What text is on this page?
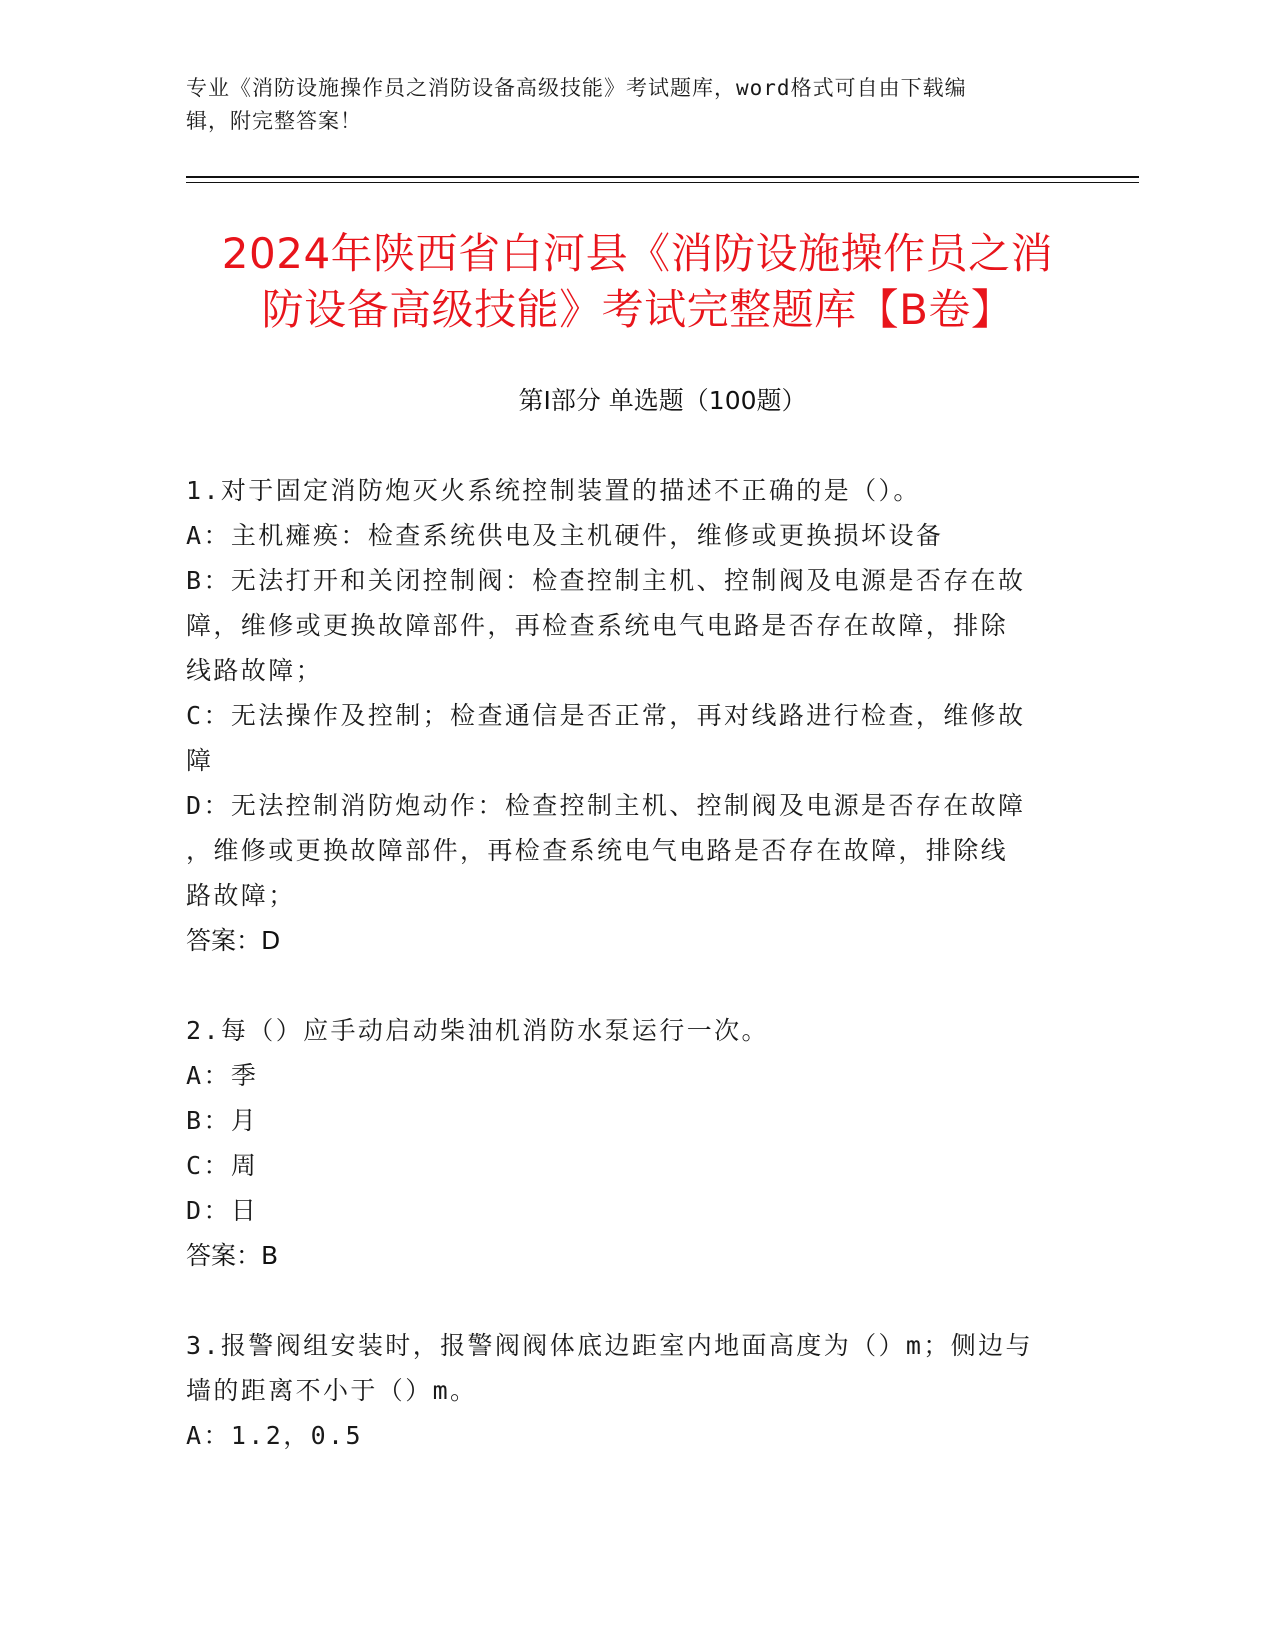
专业《消防设施操作员之消防设备高级技能》考试题库，word格式可自由下载编
辑，附完整答案！
2024年陕西省白河县《消防设施操作员之消
防设备高级技能》考试完整题库【B卷】
第Ⅰ部分 单选题（100题）
1.对于固定消防炮灭火系统控制装置的描述不正确的是（）。
A：主机瘫痪：检查系统供电及主机硬件，维修或更换损坏设备
B：无法打开和关闭控制阀：检查控制主机、控制阀及电源是否存在故
障，维修或更换故障部件，再检查系统电气电路是否存在故障，排除
线路故障；
C：无法操作及控制；检查通信是否正常，再对线路进行检查，维修故
障
D：无法控制消防炮动作：检查控制主机、控制阀及电源是否存在故障
，维修或更换故障部件，再检查系统电气电路是否存在故障，排除线
路故障；
答案：D
2.每（）应手动启动柴油机消防水泵运行一次。
A：季
B：月
C：周
D：日
答案：B
3.报警阀组安装时，报警阀阀体底边距室内地面高度为（）m；侧边与
墙的距离不小于（）m。
A：1.2，0.5
